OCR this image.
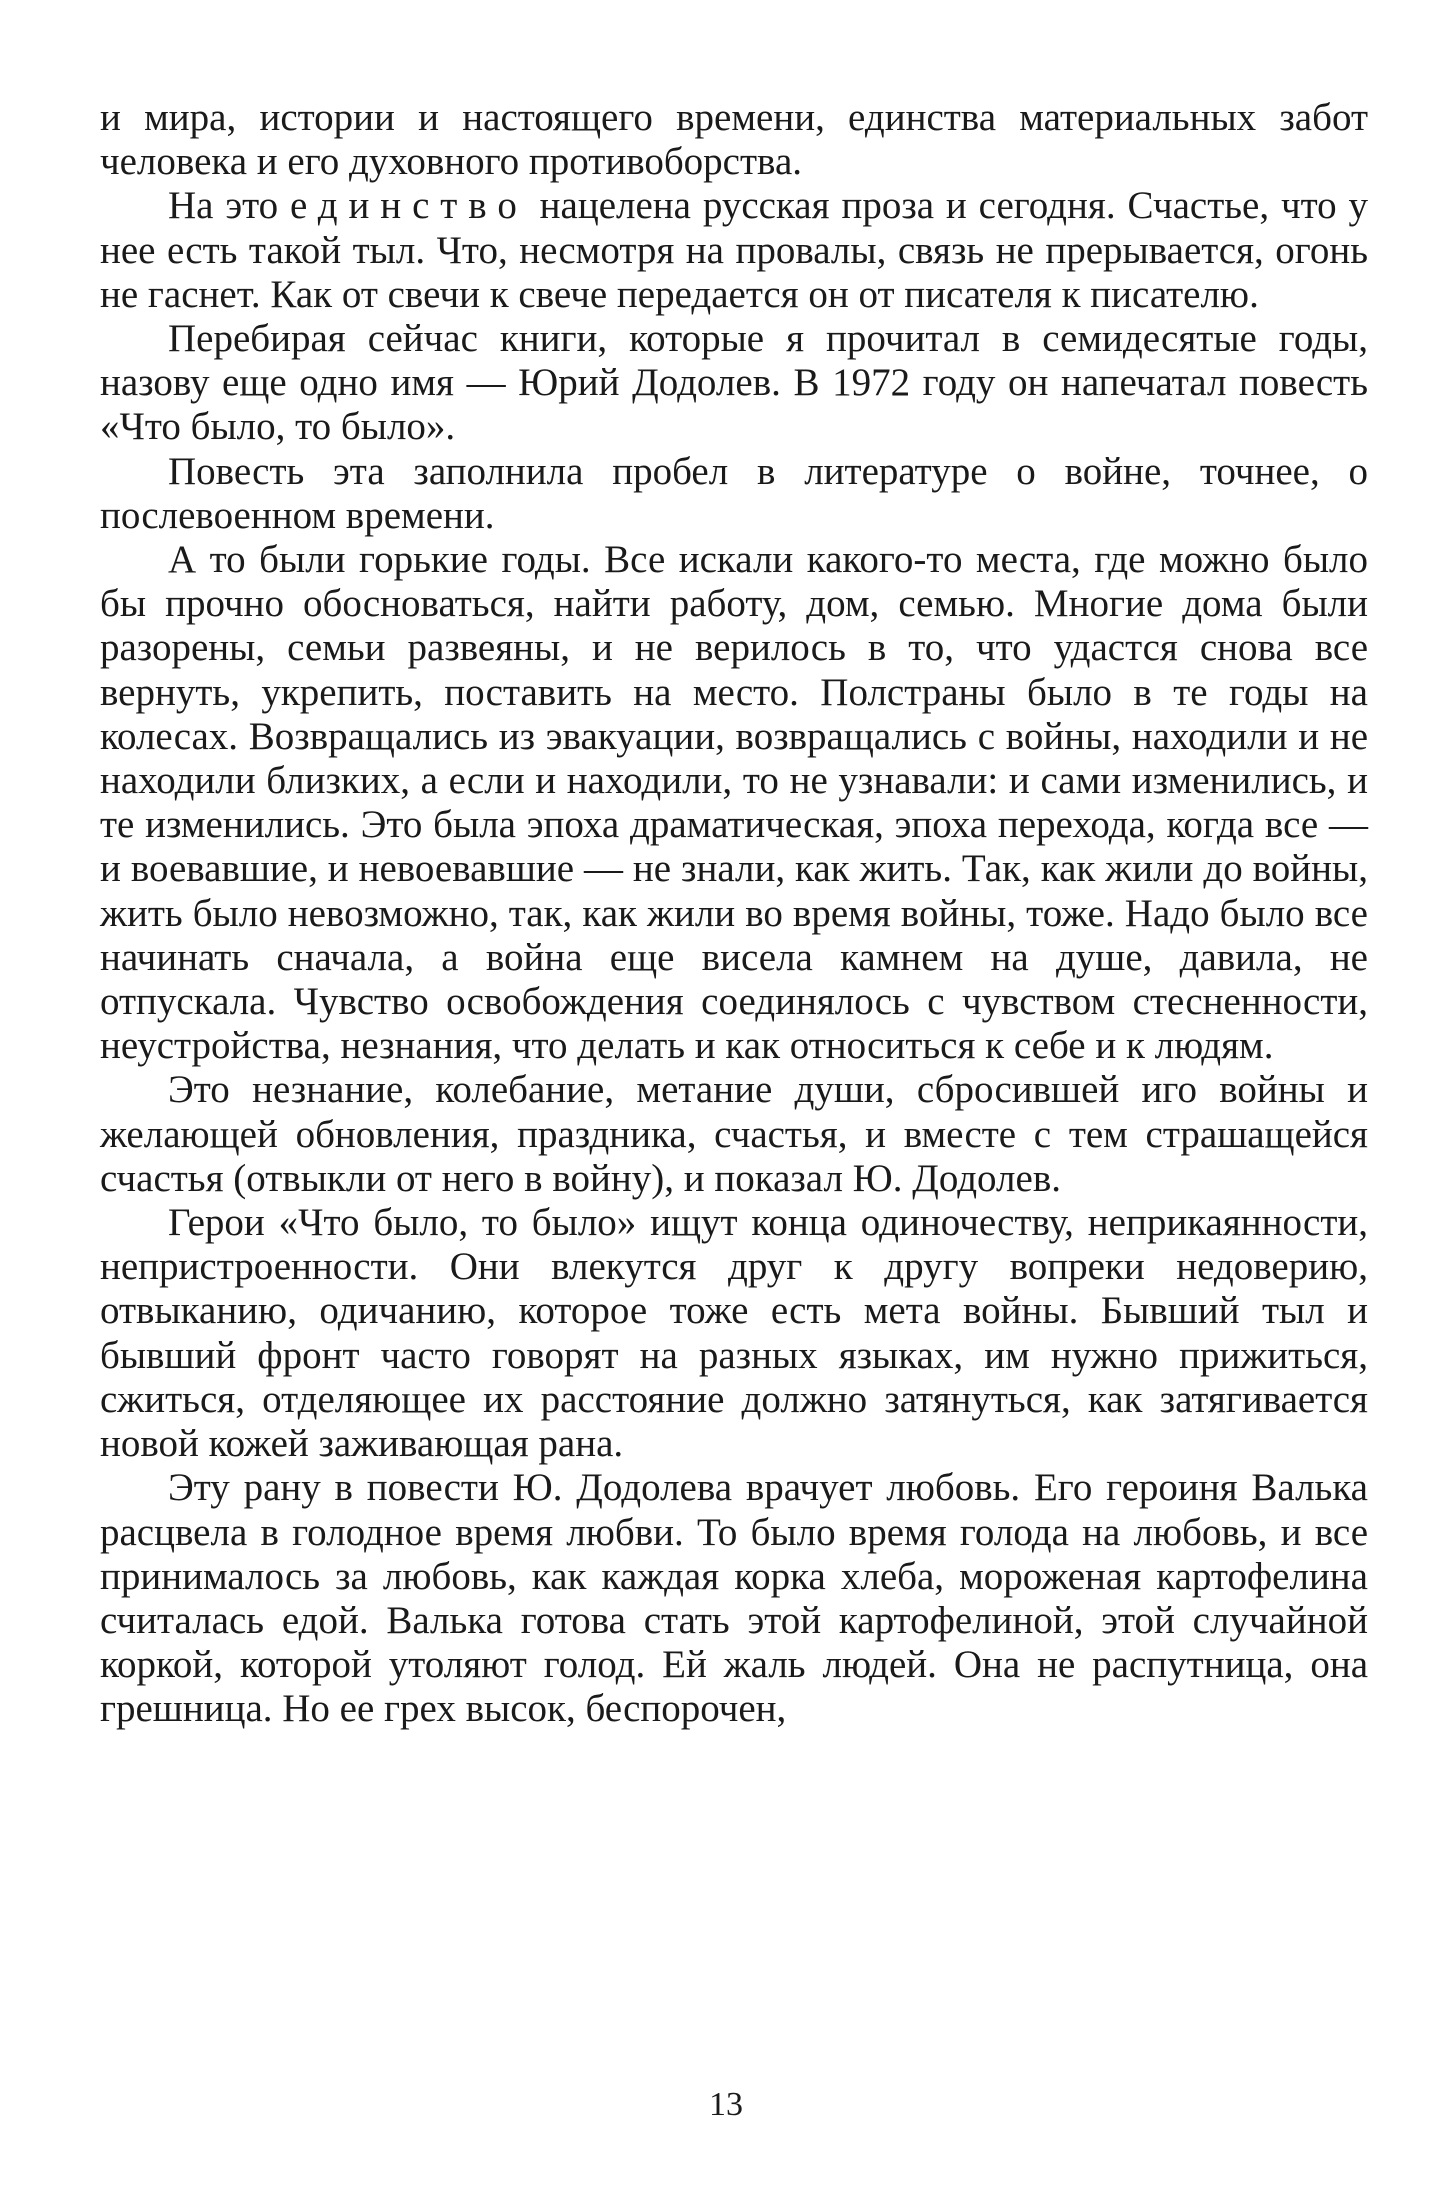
и мира, истории и настоящего времени, единства материальных забот человека и его духовного противоборства.

На это единство нацелена русская проза и сегодня. Счастье, что у нее есть такой тыл. Что, несмотря на провалы, связь не прерывается, огонь не гаснет. Как от свечи к свече передается он от писателя к писателю.

Перебирая сейчас книги, которые я прочитал в семидесятые годы, назову еще одно имя — Юрий Додолев. В 1972 году он напечатал повесть «Что было, то было».

Повесть эта заполнила пробел в литературе о войне, точнее, о послевоенном времени.

А то были горькие годы. Все искали какого-то места, где можно было бы прочно обосноваться, найти работу, дом, семью. Многие дома были разорены, семьи развеяны, и не верилось в то, что удастся снова все вернуть, укрепить, поставить на место. Полстраны было в те годы на колесах. Возвращались из эвакуации, возвращались с войны, находили и не находили близких, а если и находили, то не узнавали: и сами изменились, и те изменились. Это была эпоха драматическая, эпоха перехода, когда все — и воевавшие, и невоевавшие — не знали, как жить. Так, как жили до войны, жить было невозможно, так, как жили во время войны, тоже. Надо было все начинать сначала, а война еще висела камнем на душе, давила, не отпускала. Чувство освобождения соединялось с чувством стесненности, неустройства, незнания, что делать и как относиться к себе и к людям.

Это незнание, колебание, метание души, сбросившей иго войны и желающей обновления, праздника, счастья, и вместе с тем страшащейся счастья (отвыкли от него в войну), и показал Ю. Додолев.

Герои «Что было, то было» ищут конца одиночеству, неприкаянности, непристроенности. Они влекутся друг к другу вопреки недоверию, отвыканию, одичанию, которое тоже есть мета войны. Бывший тыл и бывший фронт часто говорят на разных языках, им нужно прижиться, сжиться, отделяющее их расстояние должно затянуться, как затягивается новой кожей заживающая рана.

Эту рану в повести Ю. Додолева врачует любовь. Его героиня Валька расцвела в голодное время любви. То было время голода на любовь, и все принималось за любовь, как каждая корка хлеба, мороженая картофелина считалась едой. Валька готова стать этой картофелиной, этой случайной коркой, которой утоляют голод. Ей жаль людей. Она не распутница, она грешница. Но ее грех высок, беспорочен,

13
